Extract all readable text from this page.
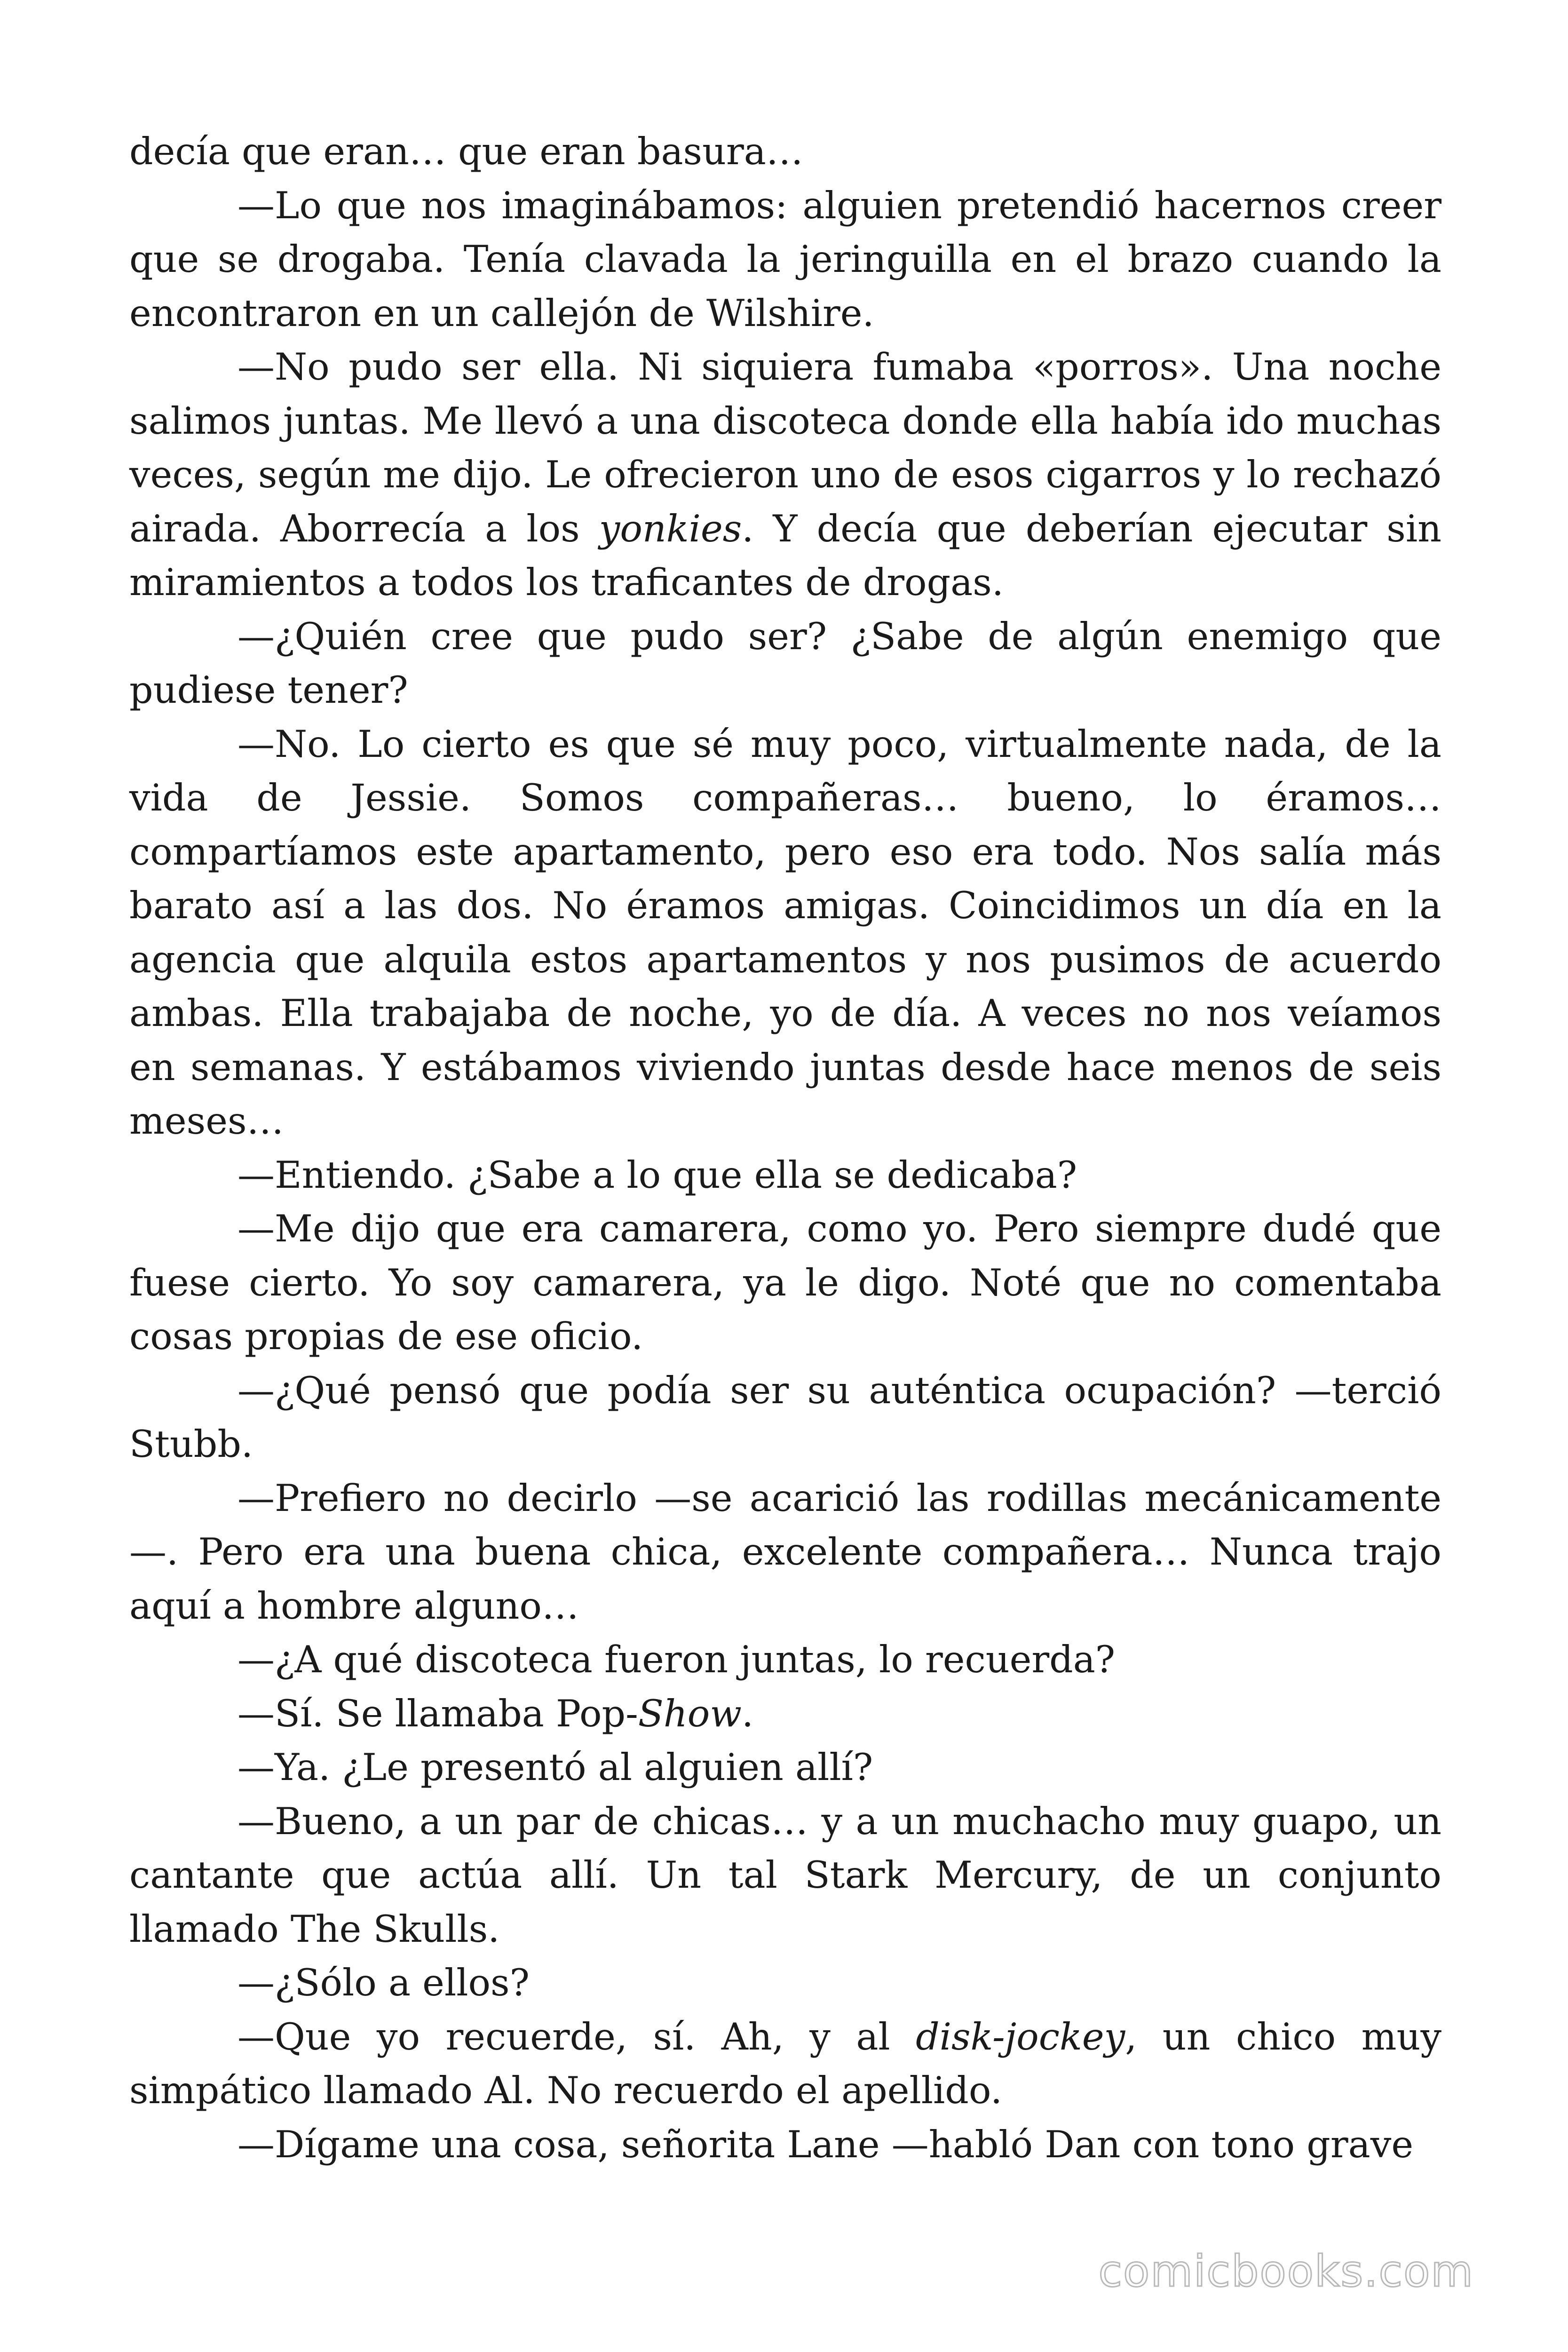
decía que eran… que eran basura…

—Lo que nos imaginábamos: alguien pretendió hacernos creer que se drogaba. Tenía clavada la jeringuilla en el brazo cuando la encontraron en un callejón de Wilshire.

—No pudo ser ella. Ni siquiera fumaba «porros». Una noche salimos juntas. Me llevó a una discoteca donde ella había ido muchas veces, según me dijo. Le ofrecieron uno de esos cigarros y lo rechazó airada. Aborrecía a los yonkies. Y decía que deberían ejecutar sin miramientos a todos los traficantes de drogas.

—¿Quién cree que pudo ser? ¿Sabe de algún enemigo que pudiese tener?

—No. Lo cierto es que sé muy poco, virtualmente nada, de la vida de Jessie. Somos compañeras… bueno, lo éramos… compartíamos este apartamento, pero eso era todo. Nos salía más barato así a las dos. No éramos amigas. Coincidimos un día en la agencia que alquila estos apartamentos y nos pusimos de acuerdo ambas. Ella trabajaba de noche, yo de día. A veces no nos veíamos en semanas. Y estábamos viviendo juntas desde hace menos de seis meses…

—Entiendo. ¿Sabe a lo que ella se dedicaba?

—Me dijo que era camarera, como yo. Pero siempre dudé que fuese cierto. Yo soy camarera, ya le digo. Noté que no comentaba cosas propias de ese oficio.

—¿Qué pensó que podía ser su auténtica ocupación? —terció Stubb.

—Prefiero no decirlo —se acarició las rodillas mecánicamente—. Pero era una buena chica, excelente compañera… Nunca trajo aquí a hombre alguno…

—¿A qué discoteca fueron juntas, lo recuerda?

—Sí. Se llamaba Pop-Show.

—Ya. ¿Le presentó al alguien allí?

—Bueno, a un par de chicas… y a un muchacho muy guapo, un cantante que actúa allí. Un tal Stark Mercury, de un conjunto llamado The Skulls.

—¿Sólo a ellos?

—Que yo recuerde, sí. Ah, y al disk-jockey, un chico muy simpático llamado Al. No recuerdo el apellido.

—Dígame una cosa, señorita Lane —habló Dan con tono grave

comicbooks.com
